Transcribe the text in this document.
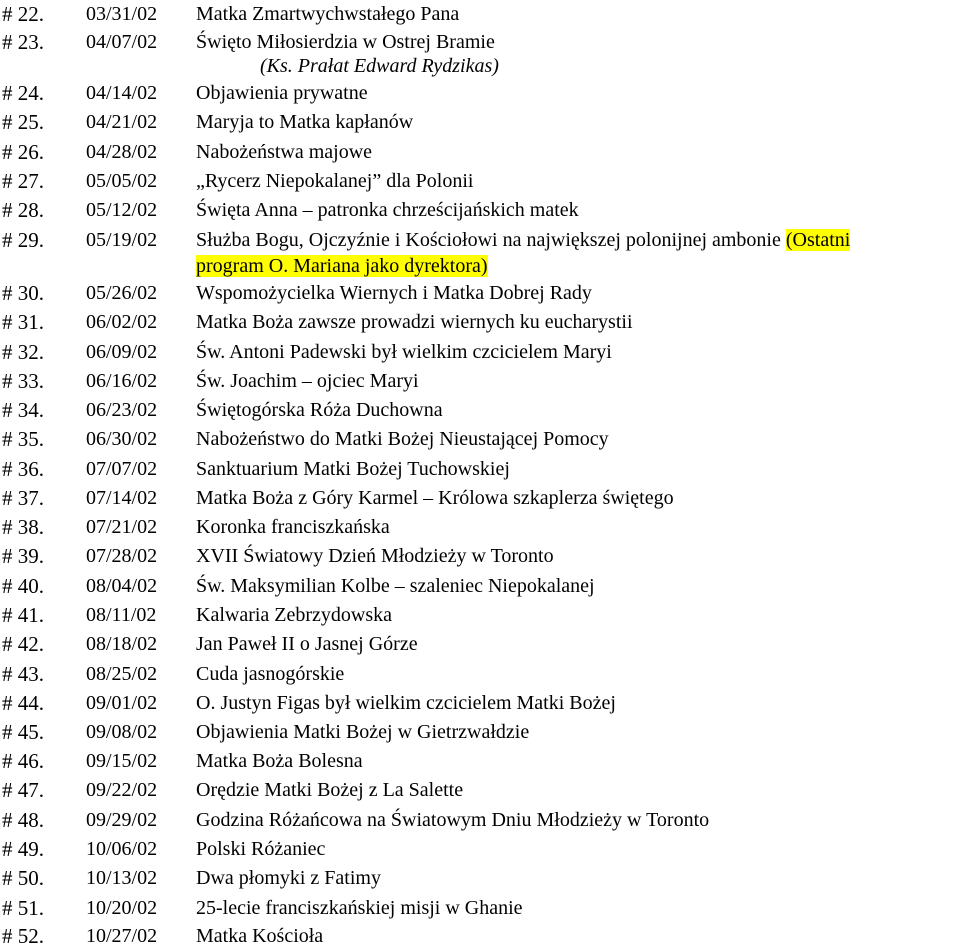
# 22. 03/31/02 Matka Zmartwychwstałego Pana
# 23. 04/07/02 Święto Miłosierdzia w Ostrej Bramie
(Ks. Prałat Edward Rydzikas)
# 24. 04/14/02 Objawienia prywatne
# 25. 04/21/02 Maryja to Matka kapłanów
# 26. 04/28/02 Nabożeństwa majowe
# 27. 05/05/02 „Rycerz Niepokalanej” dla Polonii
# 28. 05/12/02 Święta Anna – patronka chrześcijańskich matek
# 29. 05/19/02 Służba Bogu, Ojczyźnie i Kościołowi na największej polonijnej ambonie (Ostatni
program O. Mariana jako dyrektora)
# 30. 05/26/02 Wspomożycielka Wiernych i Matka Dobrej Rady
# 31. 06/02/02 Matka Boża zawsze prowadzi wiernych ku eucharystii
# 32. 06/09/02 Św. Antoni Padewski był wielkim czcicielem Maryi
# 33. 06/16/02 Św. Joachim – ojciec Maryi
# 34. 06/23/02 Świętogórska Róża Duchowna
# 35. 06/30/02 Nabożeństwo do Matki Bożej Nieustającej Pomocy
# 36. 07/07/02 Sanktuarium Matki Bożej Tuchowskiej
# 37. 07/14/02 Matka Boża z Góry Karmel – Królowa szkaplerza świętego
# 38. 07/21/02 Koronka franciszkańska
# 39. 07/28/02 XVII Światowy Dzień Młodzieży w Toronto
# 40. 08/04/02 Św. Maksymilian Kolbe – szaleniec Niepokalanej
# 41. 08/11/02 Kalwaria Zebrzydowska
# 42. 08/18/02 Jan Paweł II o Jasnej Górze
# 43. 08/25/02 Cuda jasnogórskie
# 44. 09/01/02 O. Justyn Figas był wielkim czcicielem Matki Bożej
# 45. 09/08/02 Objawienia Matki Bożej w Gietrzwałdzie
# 46. 09/15/02 Matka Boża Bolesna
# 47. 09/22/02 Orędzie Matki Bożej z La Salette
# 48. 09/29/02 Godzina Różańcowa na Światowym Dniu Młodzieży w Toronto
# 49. 10/06/02 Polski Różaniec
# 50. 10/13/02 Dwa płomyki z Fatimy
# 51. 10/20/02 25-lecie franciszkańskiej misji w Ghanie
# 52. 10/27/02 Matka Kościoła
